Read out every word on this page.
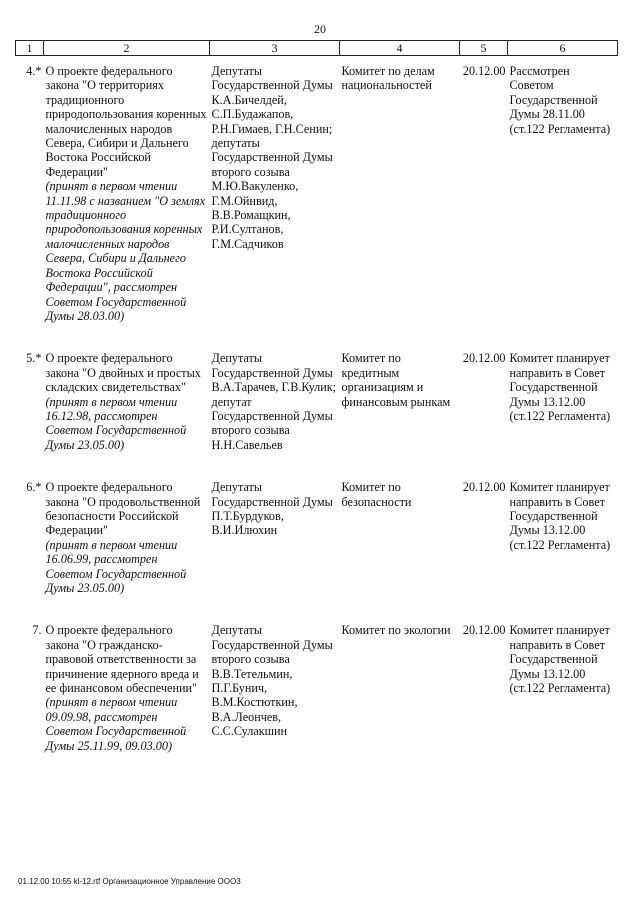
20
1	2	3	4	5	6

4.*	О проекте федерального закона "О территориях традиционного природопользования коренных малочисленных народов Севера, Сибири и Дальнего Востока Российской Федерации"
(принят в первом чтении 11.11.98 с названием "О землях традиционного природопользования коренных малочисленных народов Севера, Сибири и Дальнего Востока Российской Федерации", рассмотрен Советом Государственной Думы 28.03.00)	Депутаты Государственной Думы К.А.Бичелдей, С.П.Будажапов, Р.Н.Гимаев, Г.Н.Сенин; депутаты Государственной Думы второго созыва М.Ю.Вакуленко, Г.М.Ойнвид, В.В.Ромащкин, Р.И.Султанов, Г.М.Садчиков	Комитет по делам национальностей	20.12.00	Рассмотрен Советом Государственной Думы 28.11.00 (ст.122 Регламента)

5.*	О проекте федерального закона "О двойных и простых складских свидетельствах"
(принят в первом чтении 16.12.98, рассмотрен Советом Государственной Думы 23.05.00)	Депутаты Государственной Думы В.А.Тарачев, Г.В.Кулик; депутат Государственной Думы второго созыва Н.Н.Савельев	Комитет по кредитным организациям и финансовым рынкам	20.12.00	Комитет планирует направить в Совет Государственной Думы 13.12.00 (ст.122 Регламента)

6.*	О проекте федерального закона "О продовольственной безопасности Российской Федерации"
(принят в первом чтении 16.06.99, рассмотрен Советом Государственной Думы 23.05.00)	Депутаты Государственной Думы П.Т.Бурдуков, В.И.Илюхин	Комитет по безопасности	20.12.00	Комитет планирует направить в Совет Государственной Думы 13.12.00 (ст.122 Регламента)

7.	О проекте федерального закона "О гражданско-правовой ответственности за причинение ядерного вреда и ее финансовом обеспечении"
(принят в первом чтении 09.09.98, рассмотрен Советом Государственной Думы 25.11.99, 09.03.00)	Депутаты Государственной Думы второго созыва В.В.Тетельмин, П.Г.Бунич, В.М.Костюткин, В.А.Леончев, С.С.Сулакшин	Комитет по экологии	20.12.00	Комитет планирует направить в Совет Государственной Думы 13.12.00 (ст.122 Регламента)
01.12.00 10:55 kl-12.rtf Организационное Управление ООО3
